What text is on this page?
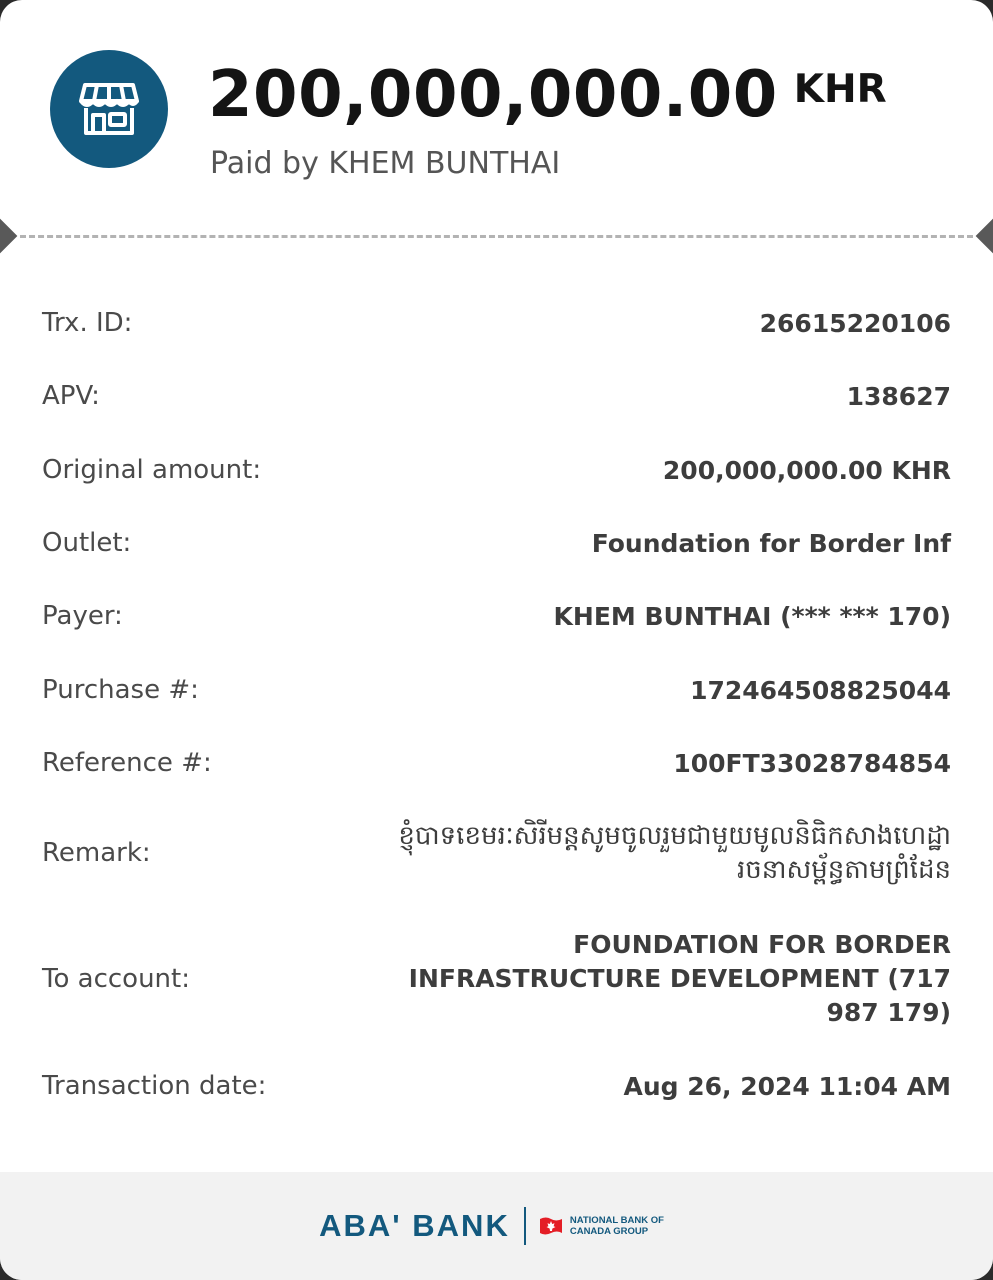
200,000,000.00 KHR
Paid by KHEM BUNTHAI
Trx. ID:	26615220106
APV:	138627
Original amount:	200,000,000.00 KHR
Outlet:	Foundation for Border Inf
Payer:	KHEM BUNTHAI (*** *** 170)
Purchase #:	172464508825044
Reference #:	100FT33028784854
Remark:
ខ្ញុំបាទខេមរៈសិរីមន្តសូមចូលរួមជាមួយមូលនិធិកសាងហេដ្ឋារចនាសម្ព័ន្ធតាមព្រំដែន
To account:
FOUNDATION FOR BORDER INFRASTRUCTURE DEVELOPMENT (717 987 179)
Transaction date:	Aug 26, 2024 11:04 AM
ABA' BANK	NATIONAL BANK OF CANADA GROUP
